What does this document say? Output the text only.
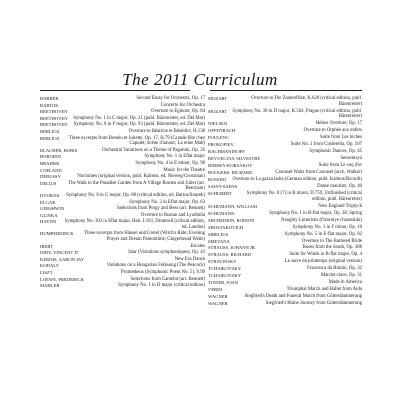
The 2011 Curriculum
BARBER	Second Essay for Orchestra, Op. 17
BARTOK	Concerto for Orchestra
BEETHOVEN	Overture to Egmont, Op. 84
BEETHOVEN	Symphony No. 1 in C major, Op. 21 (publ. Bärenreiter, ed. Del Mar)
BEETHOVEN	Symphony No. 8 in F major, Op. 93 (publ. Bärenreiter, ed. Del Mar)
BERLIOZ	Overture to Béatrice et Bénédict, H.138
BERLIOZ	Three excerpts from Roméo et Juliette, Op. 17, H.79 (Grande fête chez Capulet; Scène d'amour; La reine Mab)
BLACHER, BORIS	Orchestral Variations on a Theme of Paganini, Op. 26
BORODIN	Symphony No. 1 in Eflat major
BRAHMS	Symphony No. 4 in E minor, Op. 98
COPLAND	Music for the Theatre
DEBUSSY	Nocturnes (original version, publ. Kalmus, ed. Nieweg/Grossman)
DELIUS	The Walk to the Paradise Garden from A Village Romeo and Juliet (arr. Beecham)
DVORAK	Symphony No. 8 in G major, Op. 88 (critical edition, ed. Bartos/Sourek)
ELGAR	Symphony No. 2 in Eflat major, Op. 63
GERSHWIN	Selections from Porgy and Bess (arr. Bennett)
GLINKA	Overture to Ruslan and Lyudmila
HAYDN	Symphony No. 103 in Eflat major, Hob. I:103, Drumroll (critical edition, ed. Landon)
HUMPERDINCK	Three excerpts from Hänsel und Gretel (Witch's Ride; Evening Prayer and Dream Pantomime; Gingerbread Waltz)
IBERT	Escales
INDY, VINCENT D'	Istar (Variations symphoniques), Op. 42
KERNIS, AARON JAY	New Era Dance
KODALY	Variations on a Hungarian Folksong (The Peacock)
LISZT	Prometheus (Symphonic Poem No. 5), S.99
LOEWE, FREDERICK	Selections from Camelot (arr. Bennett)
MAHLER	Symphony No. 1 in D major (critical edition)
MOZART	Overture to Die Zauberflöte, K.620 (critical edition, publ. Bärenreiter)
MOZART	Symphony No. 38 in D major, K.504, Prague (critical edition, publ. Bärenreiter)
NIELSEN	Helios Overture, Op. 17
OFFENBACH	Overture to Orphée aux enfers
POULENC	Suite from Les biches
PROKOFIEV	Suite No. 1 from Cinderella, Op. 107
RACHMANINOFF	Symphonic Dances, Op. 45
REVUELTAS, SILVESTRE	Sensemayá
RIMSKY-KORSAKOV	Suite from Le coq d'or
ROOGERS, RICHARD	Carousel Waltz from Carousel (arch. Walker)
ROSSINI	Overture to La gazza ladra (German edition, publ. Kalmus/Ricordi)
SAINT-SAENS	Danse macabre, Op. 40
SCHUBERT	Symphony No. 8 (7) in B minor, D.759, Unfinished (critical edition, publ. Bärenreiter)
SCHUMANN, WILLIAM	New England Triptych
SCHUMANN	Symphony No. 1 in B-flat major, Op. 38, Spring
SHCHEDRIN, RODION	Naughty Limericks (Ozorniye chastushki)
SHOSTAKOVICH	Symphony No. 1 in F minor, Op. 10
SIBELIUS	Symphony No. 5 in E-flat major, Op. 82
SMETANA	Overture to The Bartered Bride
STRAUSS, JOHANN JR.	Roses from the South, Op. 388
STRAUSS, RICHARD	Suite for Winds in B-flat major, Op. 4
STRAVINSKY	Le sacre du printemps (original version)
TCHAIKOVSKY	Francesca da Rimini, Op. 32
TCHAIKOVSKY	Marche slave, Op. 31
TOWER, JOAN	Made in America
VERDI	Triumphal March and Ballet from Aida
WAGNER	Siegfried's Death and Funeral March from Götterdämmerung
WAGNER	Siegfried's Rhine Journey from Götterdämmerung
